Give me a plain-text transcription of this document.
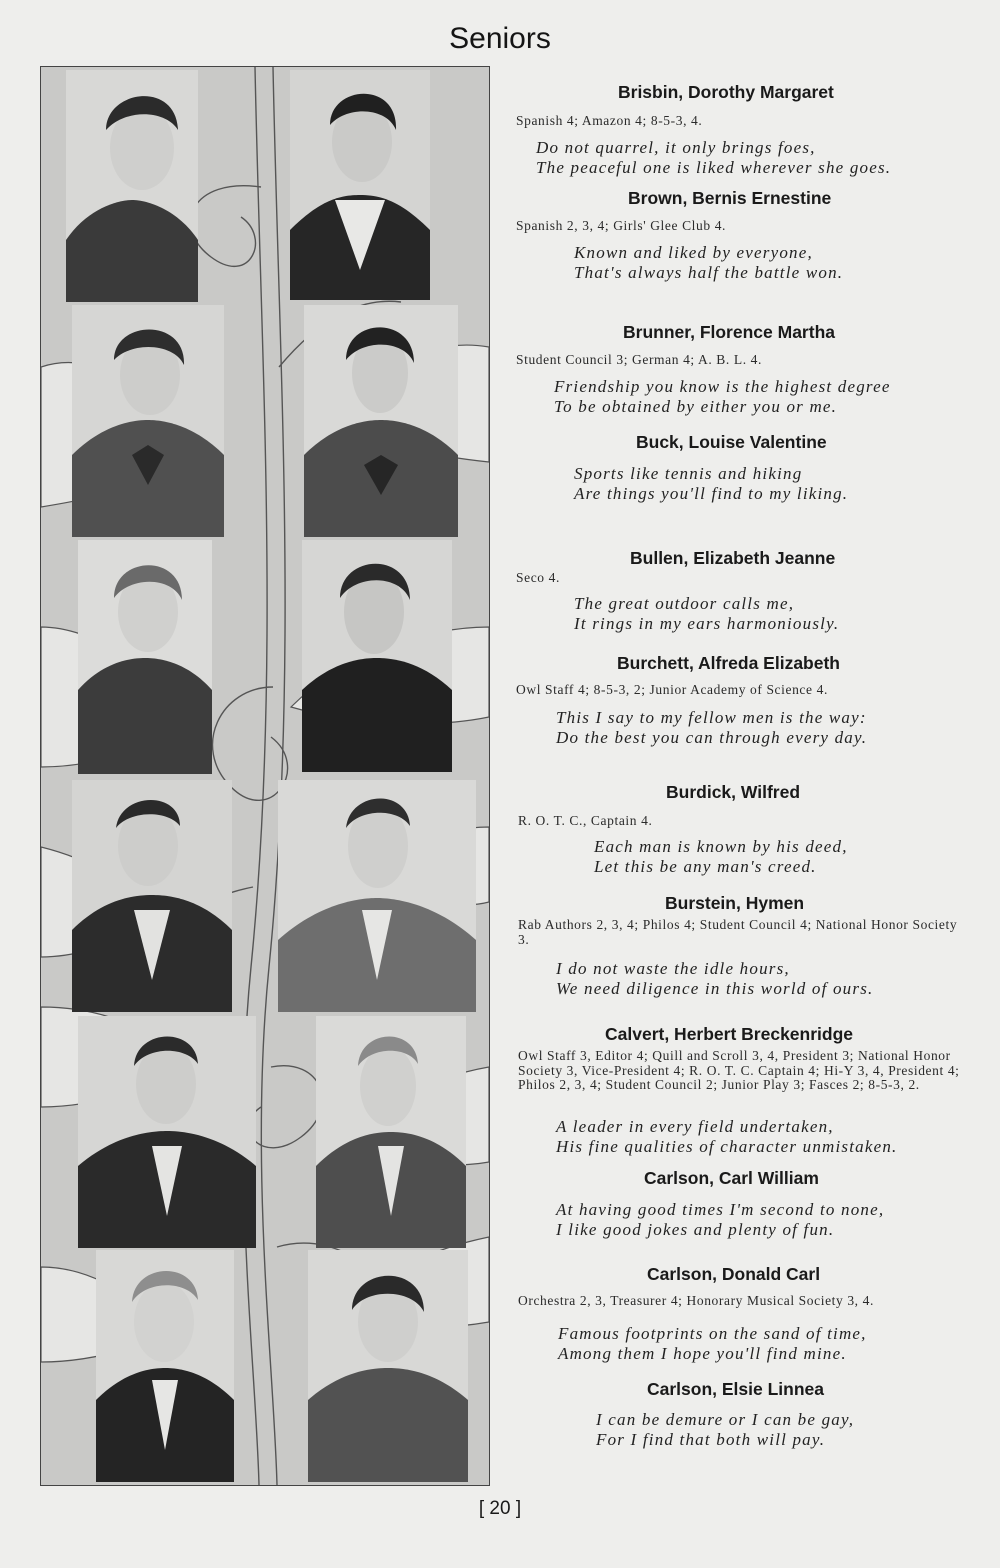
Seniors
Brisbin, Dorothy Margaret
Spanish 4; Amazon 4; 8-5-3, 4.
Do not quarrel, it only brings foes,
The peaceful one is liked wherever she goes.
Brown, Bernis Ernestine
Spanish 2, 3, 4; Girls' Glee Club 4.
Known and liked by everyone,
That's always half the battle won.
Brunner, Florence Martha
Student Council 3; German 4; A. B. L. 4.
Friendship you know is the highest degree
To be obtained by either you or me.
Buck, Louise Valentine
Sports like tennis and hiking
Are things you'll find to my liking.
Bullen, Elizabeth Jeanne
Seco 4.
The great outdoor calls me,
It rings in my ears harmoniously.
Burchett, Alfreda Elizabeth
Owl Staff 4; 8-5-3, 2; Junior Academy of Science 4.
This I say to my fellow men is the way:
Do the best you can through every day.
Burdick, Wilfred
R. O. T. C., Captain 4.
Each man is known by his deed,
Let this be any man's creed.
Burstein, Hymen
Rab Authors 2, 3, 4; Philos 4; Student Council 4; National Honor Society 3.
I do not waste the idle hours,
We need diligence in this world of ours.
Calvert, Herbert Breckenridge
Owl Staff 3, Editor 4; Quill and Scroll 3, 4, President 3; National Honor Society 3, Vice-President 4; R. O. T. C. Captain 4; Hi-Y 3, 4, President 4; Philos 2, 3, 4; Student Council 2; Junior Play 3; Fasces 2; 8-5-3, 2.
A leader in every field undertaken,
His fine qualities of character unmistaken.
Carlson, Carl William
At having good times I'm second to none,
I like good jokes and plenty of fun.
Carlson, Donald Carl
Orchestra 2, 3, Treasurer 4; Honorary Musical Society 3, 4.
Famous footprints on the sand of time,
Among them I hope you'll find mine.
Carlson, Elsie Linnea
I can be demure or I can be gay,
For I find that both will pay.
[ 20 ]
